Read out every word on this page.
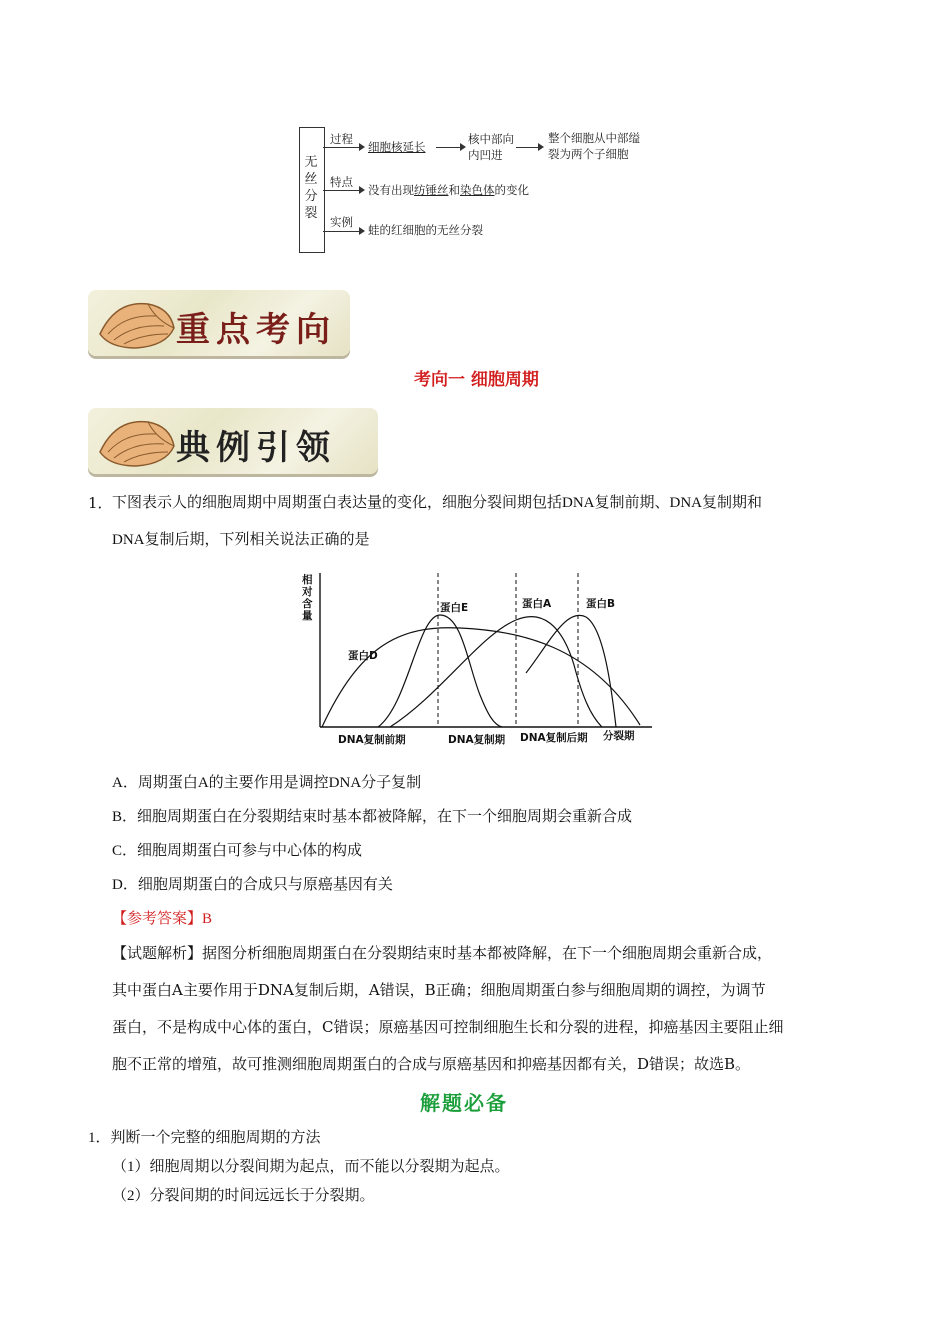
无丝分裂
过程
细胞核延长
核中部向
内凹进
整个细胞从中部缢
裂为两个子细胞
特点
没有出现纺锤丝和染色体的变化
实例
蛙的红细胞的无丝分裂
重点考向
考向一 细胞周期
典例引领
1． 下图表示人的细胞周期中周期蛋白表达量的变化，细胞分裂间期包括DNA复制前期、DNA复制期和
DNA复制后期，下列相关说法正确的是
相对含量
蛋白D
蛋白E	蛋白A	蛋白B
DNA复制前期	DNA复制期 DNA复制后期 分裂期
A．周期蛋白A的主要作用是调控DNA分子复制
B．细胞周期蛋白在分裂期结束时基本都被降解，在下一个细胞周期会重新合成
C．细胞周期蛋白可参与中心体的构成
D．细胞周期蛋白的合成只与原癌基因有关
【参考答案】B
【试题解析】据图分析细胞周期蛋白在分裂期结束时基本都被降解，在下一个细胞周期会重新合成，
其中蛋白A主要作用于DNA复制后期，A错误，B正确；细胞周期蛋白参与细胞周期的调控，为调节
蛋白，不是构成中心体的蛋白，C错误；原癌基因可控制细胞生长和分裂的进程，抑癌基因主要阻止细
胞不正常的增殖，故可推测细胞周期蛋白的合成与原癌基因和抑癌基因都有关，D错误；故选B。
解题必备
1．判断一个完整的细胞周期的方法
（1）细胞周期以分裂间期为起点，而不能以分裂期为起点。
（2）分裂间期的时间远远长于分裂期。
